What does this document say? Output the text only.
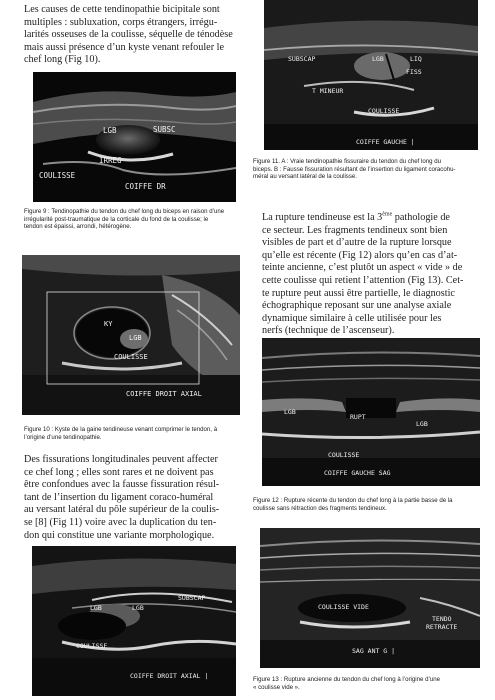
Les causes de cette tendinopathie bicipitale sont

multiples : subluxation, corps étrangers, irrégu-

larités osseuses de la coulisse, séquelle de ténodèse

mais aussi présence d’un kyste venant refouler le

chef long (Fig 10).

LGB	SUBSC
IRREG
COULISSE
COIFFE DR
Figure 9 : Tendinopathie du tendon du chef long du biceps en raison d’une
irrégularité post-traumatique de la corticale du fond de la coulisse; le
tendon est épaissi, arrondi, hétérogène.
KY
LGB
COULISSE
COIFFE DROIT AXIAL
Figure 10 : Kyste de la gaine tendineuse venant comprimer le tendon, à
l’origine d’une tendinopathie.

Des fissurations longitudinales peuvent affecter

ce chef long ; elles sont rares et ne doivent pas

être confondues avec la fausse fissuration résul-

tant de l’insertion du ligament coraco-huméral

au versant latéral du pôle supérieur de la coulis-

se [8] (Fig 11) voire avec la duplication du ten-

don qui constitue une variante morphologique.

LGB	LGB
SUBSCAP
COULISSE
COIFFE DROIT AXIAL |
SUBSCAP	LGB	LIQ
FISS
T MINEUR
COULISSE
COIFFE GAUCHE |
Figure 11. A : Vraie tendinopathie fissuraire du tendon du chef long du
biceps. B : Fausse fissuration résultant de l’insertion du ligament coracohu-
méral au versant latéral de la coulisse.

La rupture tendineuse est la 3ème pathologie de

ce secteur. Les fragments tendineux sont bien

visibles de part et d’autre de la rupture lorsque

qu’elle est récente (Fig 12) alors qu’en cas d’at-

teinte ancienne, c’est plutôt un aspect « vide » de

cette coulisse qui retient l’attention (Fig 13). Cet-

te rupture peut aussi être partielle, le diagnostic

échographique reposant sur une analyse axiale

dynamique similaire à celle utilisée pour les

nerfs (technique de l’ascenseur).

LGB
RUPT
LGB
COULISSE
COIFFE GAUCHE SAG
Figure 12 : Rupture récente du tendon du chef long à la partie basse de la
coulisse sans rétraction des fragments tendineux.
COULISSE VIDE
TENDO
RETRACTE
SAG ANT G |
Figure 13 : Rupture ancienne du tendon du chef long à l’origine d’une
« coulisse vide ».
